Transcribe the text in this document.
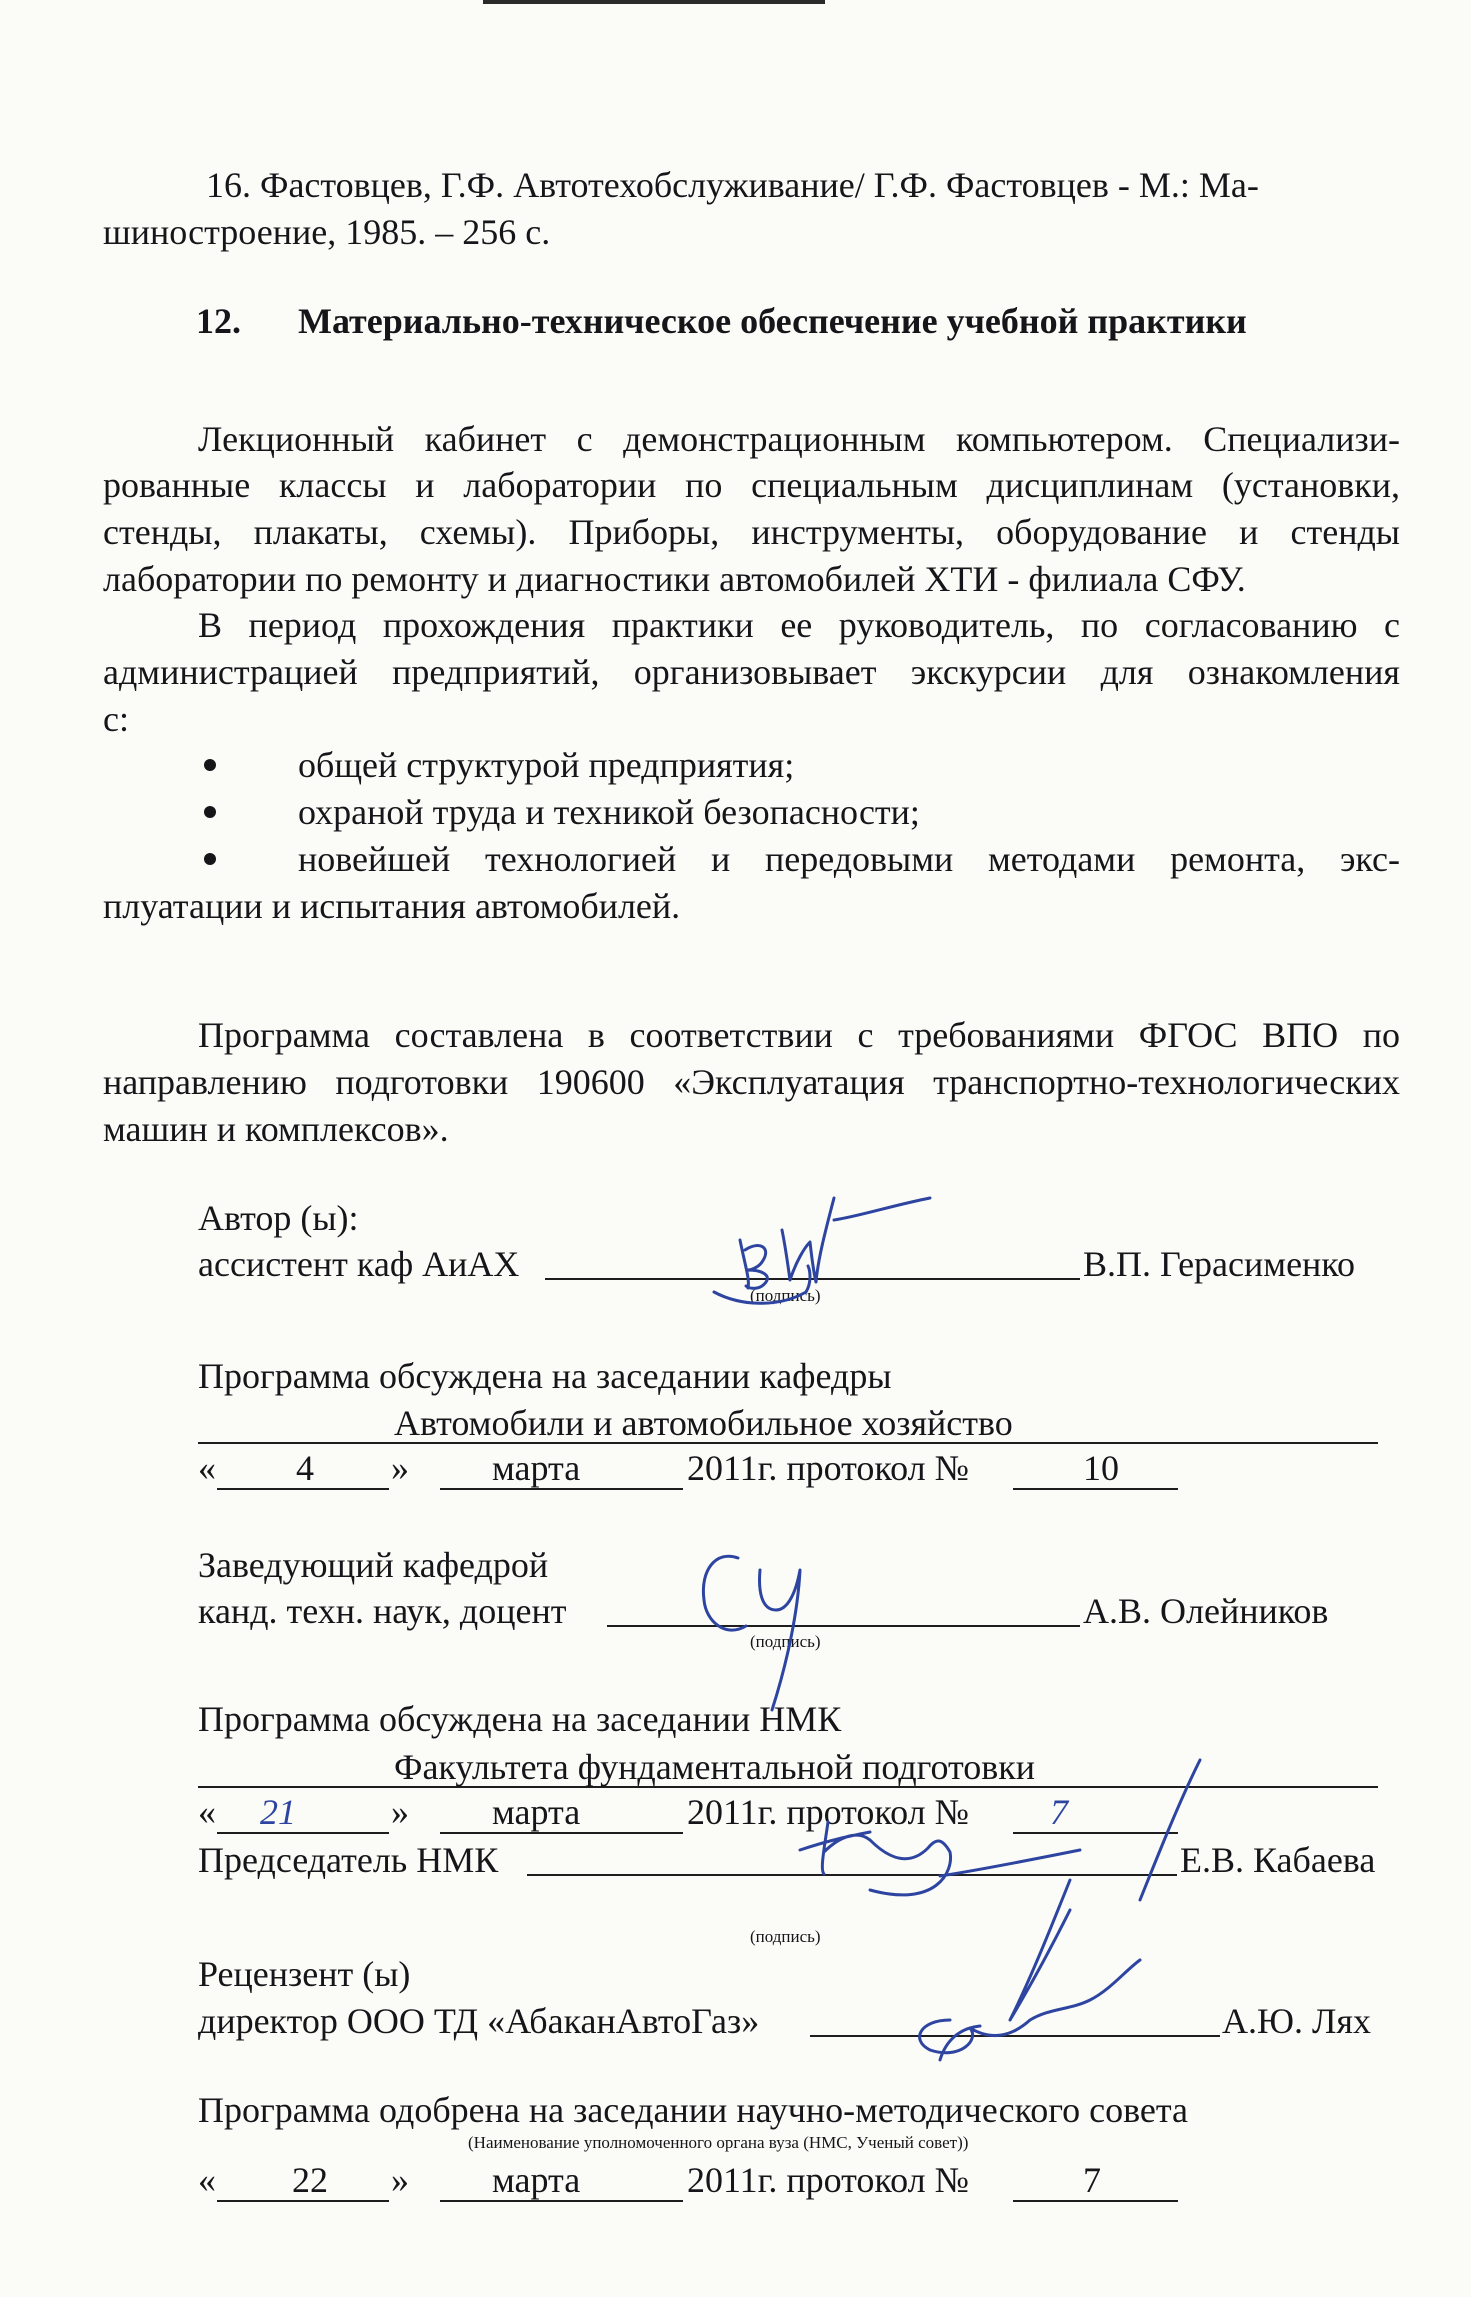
16. Фастовцев, Г.Ф. Автотехобслуживание/ Г.Ф. Фастовцев - М.: Ма-
шиностроение, 1985. – 256 с.
12. Материально-техническое обеспечение учебной практики
Лекционный кабинет с демонстрационным компьютером. Специализи-
рованные классы и лаборатории по специальным дисциплинам (установки,
стенды, плакаты, схемы). Приборы, инструменты, оборудование и стенды
лаборатории по ремонту и диагностики автомобилей ХТИ - филиала СФУ.
В период прохождения практики ее руководитель, по согласованию с
администрацией предприятий, организовывает экскурсии для ознакомления
с:
общей структурой предприятия;
охраной труда и техникой безопасности;
новейшей технологией и передовыми методами ремонта, экс-
плуатации и испытания автомобилей.
Программа составлена в соответствии с требованиями ФГОС ВПО по
направлению подготовки 190600 «Эксплуатация транспортно-технологических
машин и комплексов».
Автор (ы):
ассистент каф АиАХ	В.П. Герасименко
(подпись)
Программа обсуждена на заседании кафедры
Автомобили и автомобильное хозяйство
« 4 » марта	2011г. протокол №	10
Заведующий кафедрой
канд. техн. наук, доцент	А.В. Олейников
(подпись)
Программа обсуждена на заседании НМК
Факультета фундаментальной подготовки
« 21	» марта	2011г. протокол № 7
Председатель НМК	Е.В. Кабаева
(подпись)
Рецензент (ы)
директор ООО ТД «АбаканАвтоГаз»	А.Ю. Лях
Программа одобрена на заседании научно-методического совета
(Наименование уполномоченного органа вуза (НМС, Ученый совет))
« 22 » марта	2011г. протокол №	7
